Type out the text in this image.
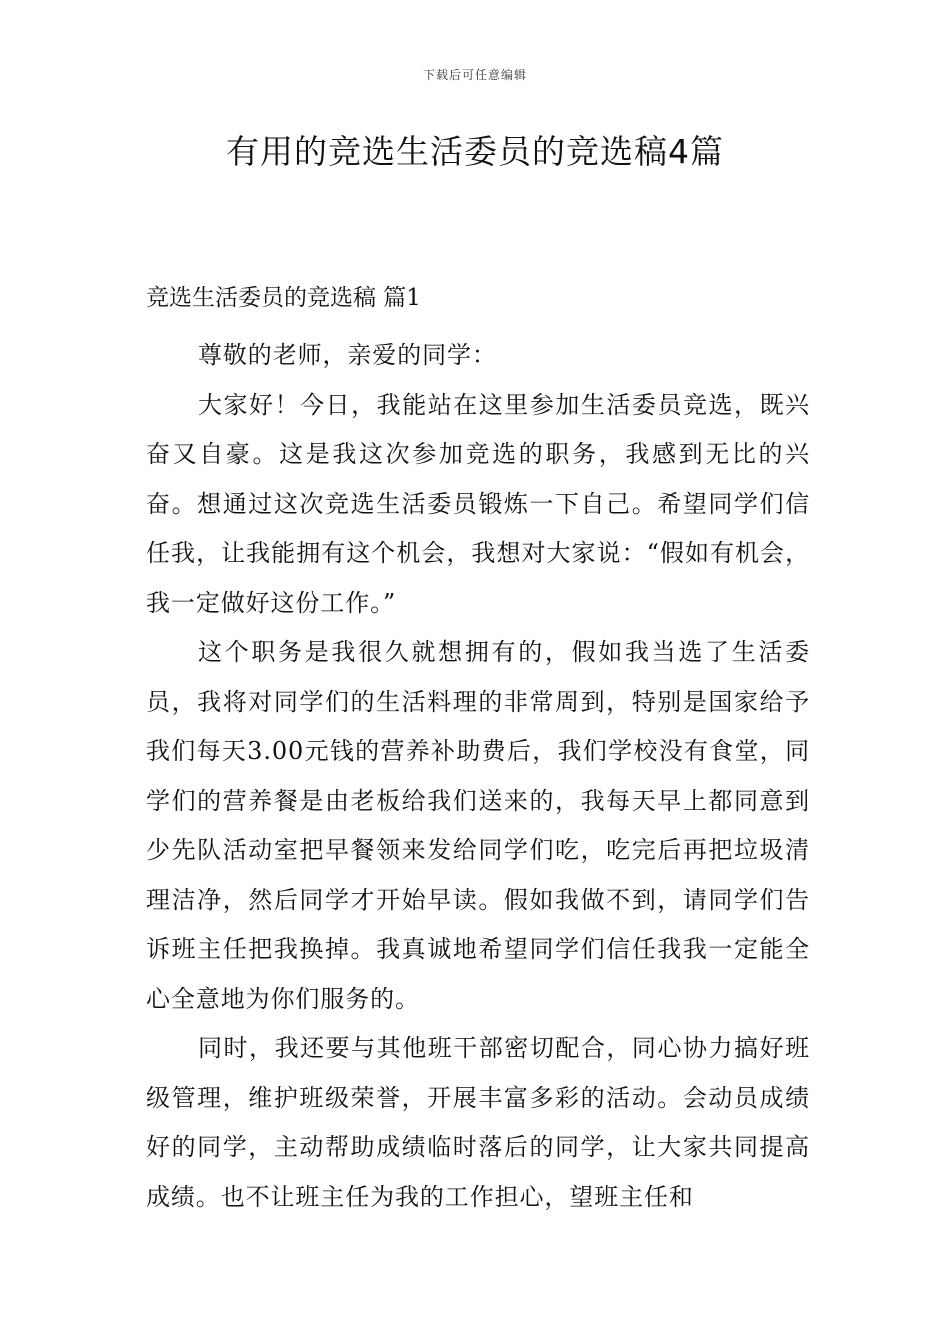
下载后可任意编辑
有用的竞选生活委员的竞选稿4篇
竞选生活委员的竞选稿 篇1

尊敬的老师，亲爱的同学：

大家好！今日，我能站在这里参加生活委员竞选，既兴奋又自豪。这是我这次参加竞选的职务，我感到无比的兴奋。想通过这次竞选生活委员锻炼一下自己。希望同学们信任我，让我能拥有这个机会，我想对大家说：“假如有机会，我一定做好这份工作。”

这个职务是我很久就想拥有的，假如我当选了生活委员，我将对同学们的生活料理的非常周到，特别是国家给予我们每天3.00元钱的营养补助费后，我们学校没有食堂，同学们的营养餐是由老板给我们送来的，我每天早上都同意到少先队活动室把早餐领来发给同学们吃，吃完后再把垃圾清理洁净，然后同学才开始早读。假如我做不到，请同学们告诉班主任把我换掉。我真诚地希望同学们信任我我一定能全心全意地为你们服务的。

同时，我还要与其他班干部密切配合，同心协力搞好班级管理，维护班级荣誉，开展丰富多彩的活动。会动员成绩好的同学，主动帮助成绩临时落后的同学，让大家共同提高成绩。也不让班主任为我的工作担心，望班主任和
